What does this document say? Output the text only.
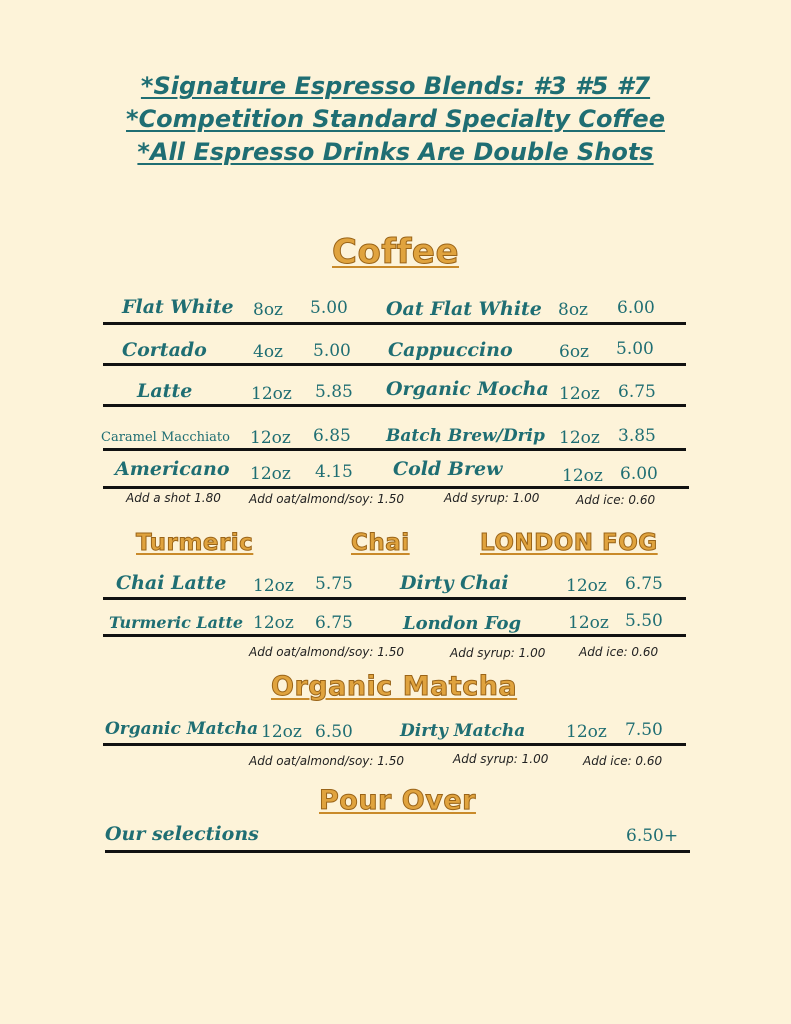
*Signature Espresso Blends: #3 #5 #7
*Competition Standard Specialty Coffee
*All Espresso Drinks Are Double Shots
Coffee
Flat White 8oz 5.00 Oat Flat White 8oz 6.00
Cortado	4oz 5.00 Cappuccino	6oz 5.00
Latte	12oz 5.85 Organic Mocha 12oz 6.75
Caramel Macchiato 12oz 6.85 Batch Brew/Drip 12oz 3.85
Americano 12oz 4.15 Cold Brew	12oz 6.00
Add a shot 1.80 Add oat/almond/soy: 1.50	Add syrup: 1.00	Add ice: 0.60
Turmeric	Chai	LONDON FOG
Chai Latte 12oz 5.75 Dirty Chai	12oz 6.75
Turmeric Latte 12oz 6.75	London Fog	12oz 5.50
Add oat/almond/soy: 1.50	Add syrup: 1.00	Add ice: 0.60
Organic Matcha
Organic Matcha 12oz 6.50	Dirty Matcha 12oz 7.50
Add oat/almond/soy: 1.50	Add syrup: 1.00	Add ice: 0.60
Pour Over
Our selections	6.50+
